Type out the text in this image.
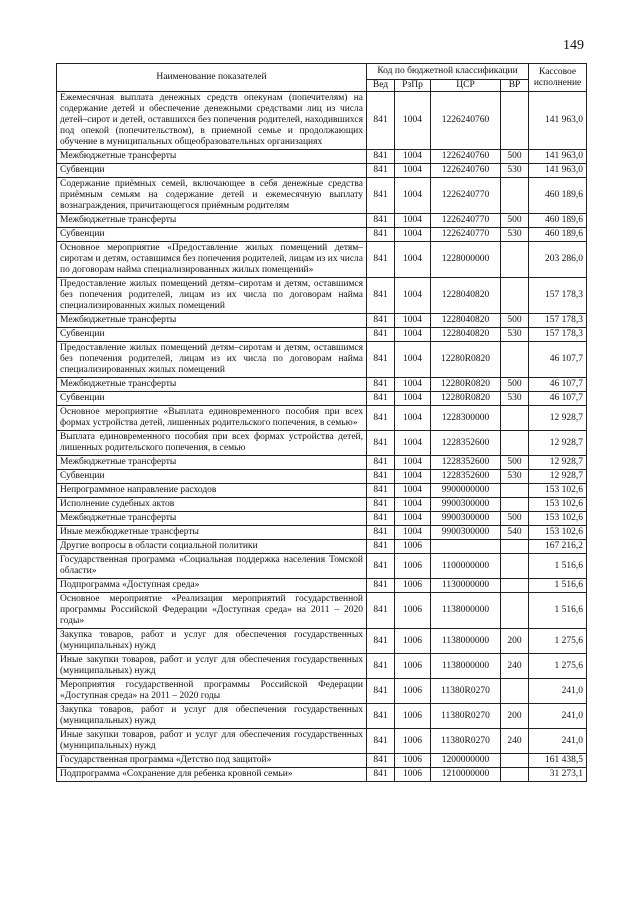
149
Наименование показателей	Код по бюджетной классификации				Кассовое исполнение
	Вед	РзПр	ЦСР	ВР	
Ежемесячная выплата денежных средств опекунам (попечителям) на содержание детей и обеспечение денежными средствами лиц из числа детей–сирот и детей, оставшихся без попечения родителей, находившихся под опекой (попечительством), в приемной семье и продолжающих обучение в муниципальных общеобразовательных организациях	841	1004	1226240760		141 963,0
Межбюджетные трансферты	841	1004	1226240760	500	141 963,0
Субвенции	841	1004	1226240760	530	141 963,0
Содержание приёмных семей, включающее в себя денежные средства приёмным семьям на содержание детей и ежемесячную выплату вознаграждения, причитающегося приёмным родителям	841	1004	1226240770		460 189,6
Межбюджетные трансферты	841	1004	1226240770	500	460 189,6
Субвенции	841	1004	1226240770	530	460 189,6
Основное мероприятие «Предоставление жилых помещений детям–сиротам и детям, оставшимся без попечения родителей, лицам из их числа по договорам найма специализированных жилых помещений»	841	1004	1228000000		203 286,0
Предоставление жилых помещений детям–сиротам и детям, оставшимся без попечения родителей, лицам из их числа по договорам найма специализированных жилых помещений	841	1004	1228040820		157 178,3
Межбюджетные трансферты	841	1004	1228040820	500	157 178,3
Субвенции	841	1004	1228040820	530	157 178,3
Предоставление жилых помещений детям–сиротам и детям, оставшимся без попечения родителей, лицам из их числа по договорам найма специализированных жилых помещений	841	1004	12280R0820		46 107,7
Межбюджетные трансферты	841	1004	12280R0820	500	46 107,7
Субвенции	841	1004	12280R0820	530	46 107,7
Основное мероприятие «Выплата единовременного пособия при всех формах устройства детей, лишенных родительского попечения, в семью»	841	1004	1228300000		12 928,7
Выплата единовременного пособия при всех формах устройства детей, лишенных родительского попечения, в семью	841	1004	1228352600		12 928,7
Межбюджетные трансферты	841	1004	1228352600	500	12 928,7
Субвенции	841	1004	1228352600	530	12 928,7
Непрограммное направление расходов	841	1004	9900000000		153 102,6
Исполнение судебных актов	841	1004	9900300000		153 102,6
Межбюджетные трансферты	841	1004	9900300000	500	153 102,6
Иные межбюджетные трансферты	841	1004	9900300000	540	153 102,6
Другие вопросы в области социальной политики	841	1006			167 216,2
Государственная программа «Социальная поддержка населения Томской области»	841	1006	1100000000		1 516,6
Подпрограмма «Доступная среда»	841	1006	1130000000		1 516,6
Основное мероприятие «Реализация мероприятий государственной программы Российской Федерации «Доступная среда» на 2011 – 2020 годы»	841	1006	1138000000		1 516,6
Закупка товаров, работ и услуг для обеспечения государственных (муниципальных) нужд	841	1006	1138000000	200	1 275,6
Иные закупки товаров, работ и услуг для обеспечения государственных (муниципальных) нужд	841	1006	1138000000	240	1 275,6
Мероприятия государственной программы Российской Федерации «Доступная среда» на 2011 – 2020 годы	841	1006	11380R0270		241,0
Закупка товаров, работ и услуг для обеспечения государственных (муниципальных) нужд	841	1006	11380R0270	200	241,0
Иные закупки товаров, работ и услуг для обеспечения государственных (муниципальных) нужд	841	1006	11380R0270	240	241,0
Государственная программа «Детство под защитой»	841	1006	1200000000		161 438,5
Подпрограмма «Сохранение для ребенка кровной семьи»	841	1006	1210000000		31 273,1
